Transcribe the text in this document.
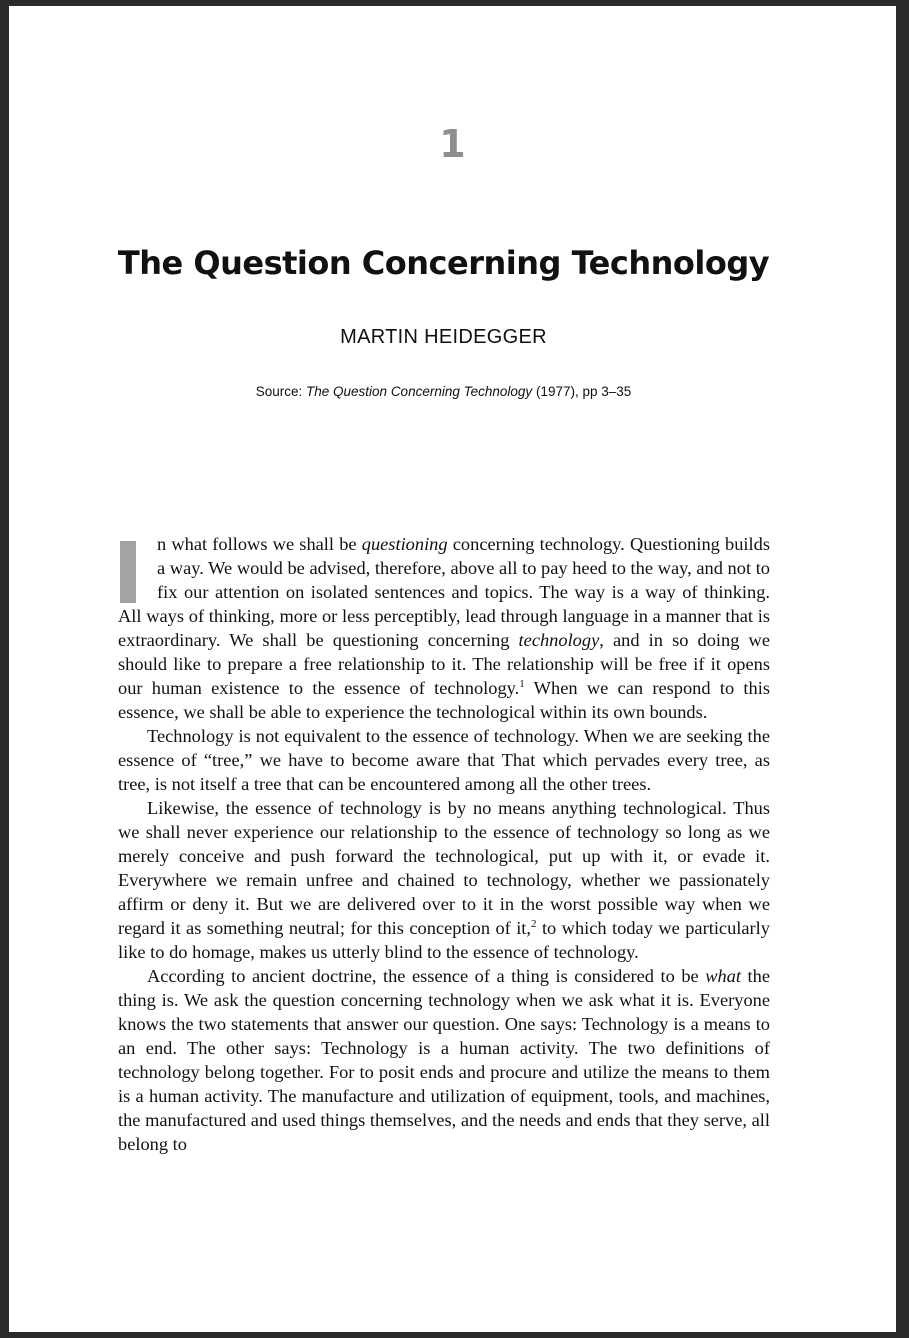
1
The Question Concerning Technology
MARTIN HEIDEGGER
Source: The Question Concerning Technology (1977), pp 3–35

n what follows we shall be questioning concerning technology. Questioning builds a way. We would be advised, therefore, above all to pay heed to the way, and not to fix our attention on isolated sentences and topics. The way is a way of thinking. All ways of thinking, more or less perceptibly, lead through language in a manner that is extraordinary. We shall be questioning concerning technology, and in so doing we should like to prepare a free relationship to it. The relationship will be free if it opens our human existence to the essence of technology.$^1$ When we can respond to this essence, we shall be able to experience the technological within its own bounds.

Technology is not equivalent to the essence of technology. When we are seeking the essence of “tree,” we have to become aware that That which pervades every tree, as tree, is not itself a tree that can be encountered among all the other trees.

Likewise, the essence of technology is by no means anything technological. Thus we shall never experience our relationship to the essence of technology so long as we merely conceive and push forward the technological, put up with it, or evade it. Everywhere we remain unfree and chained to technology, whether we passionately affirm or deny it. But we are delivered over to it in the worst possible way when we regard it as something neutral; for this conception of it,$^2$ to which today we particularly like to do homage, makes us utterly blind to the essence of technology.

According to ancient doctrine, the essence of a thing is considered to be what the thing is. We ask the question concerning technology when we ask what it is. Everyone knows the two statements that answer our question. One says: Technology is a means to an end. The other says: Technology is a human activity. The two definitions of technology belong together. For to posit ends and procure and utilize the means to them is a human activity. The manufacture and utilization of equipment, tools, and machines, the manufactured and used things themselves, and the needs and ends that they serve, all belong to
